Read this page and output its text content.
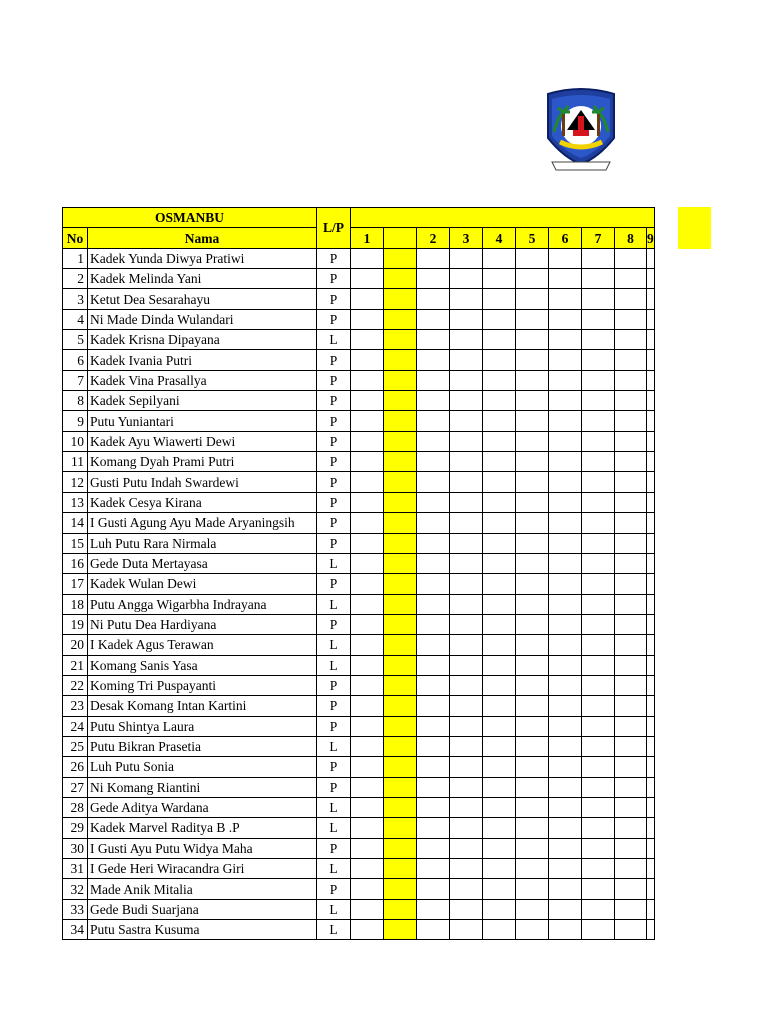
OSMANBU		L/P										
No	Nama		1		2	3	4	5	6	7	8	9
1	Kadek Yunda Diwya Pratiwi	P										
2	Kadek Melinda Yani	P										
3	Ketut Dea Sesarahayu	P										
4	Ni Made Dinda Wulandari	P										
5	Kadek Krisna Dipayana	L										
6	Kadek Ivania Putri	P										
7	Kadek Vina Prasallya	P										
8	Kadek Sepilyani	P										
9	Putu Yuniantari	P										
10	Kadek Ayu Wiawerti Dewi	P										
11	Komang Dyah Prami Putri	P										
12	Gusti Putu Indah Swardewi	P										
13	Kadek Cesya Kirana	P										
14	I Gusti Agung Ayu Made Aryaningsih	P										
15	Luh Putu Rara Nirmala	P										
16	Gede Duta Mertayasa	L										
17	Kadek Wulan Dewi	P										
18	Putu Angga Wigarbha Indrayana	L										
19	Ni Putu Dea Hardiyana	P										
20	I Kadek Agus Terawan	L										
21	Komang Sanis Yasa	L										
22	Koming Tri Puspayanti	P										
23	Desak Komang Intan Kartini	P										
24	Putu Shintya Laura	P										
25	Putu Bikran Prasetia	L										
26	Luh Putu Sonia	P										
27	Ni Komang Riantini	P										
28	Gede Aditya Wardana	L										
29	Kadek Marvel Raditya B .P	L										
30	I Gusti Ayu Putu Widya Maha	P										
31	I Gede Heri Wiracandra Giri	L										
32	Made Anik Mitalia	P										
33	Gede Budi Suarjana	L										
34	Putu Sastra Kusuma	L										
